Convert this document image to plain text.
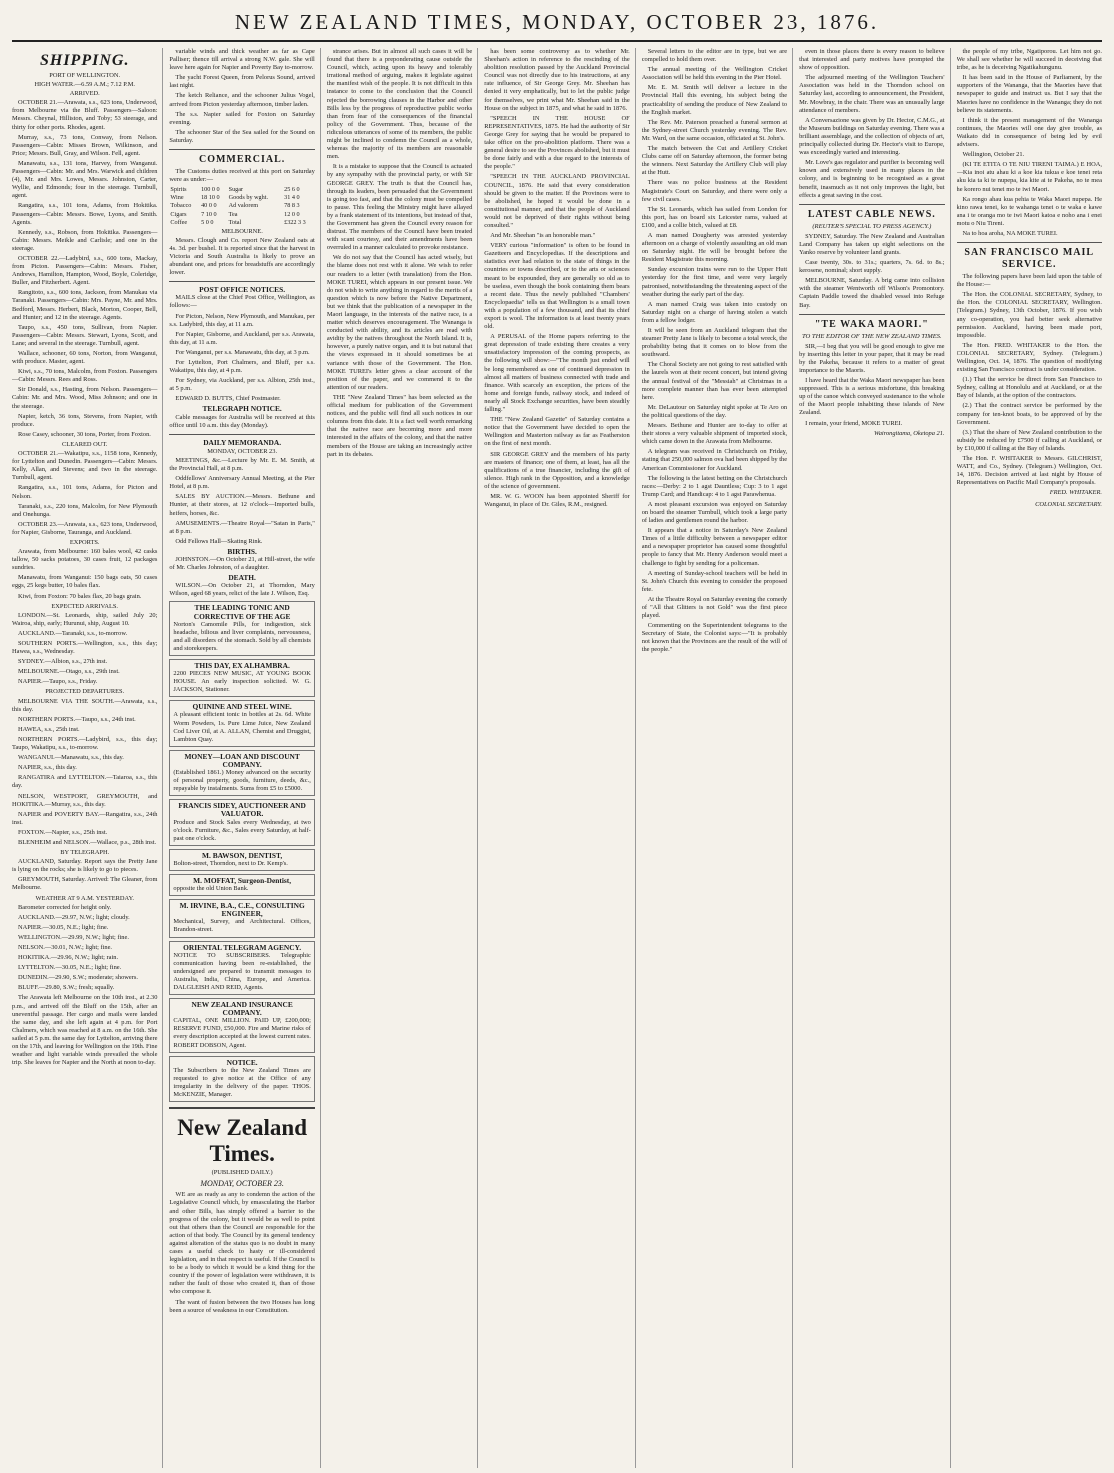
NEW ZEALAND TIMES, MONDAY, OCTOBER 23, 1876.
SHIPPING.
PORT OF WELLINGTON.
HIGH WATER.—6.59 A.M.; 7.12 P.M.
ARRIVED.

OCTOBER 21.—Arawata, s.s., 623 tons, Underwood, from Melbourne via the Bluff. Passengers—Saloon: Messrs. Cheynal, Hilliston, and Toby; 53 steerage, and thirty for other ports. Rhodes, agent.

Murray, s.s., 73 tons, Conway, from Nelson. Passengers—Cabin: Misses Brown, Wilkinson, and Price; Messrs. Bull, Gray, and Wilson. Fell, agent.

Manawatu, s.s., 131 tons, Harvey, from Wanganui. Passengers—Cabin: Mr. and Mrs. Warwick and children (4), Mr. and Mrs. Lowes, Messrs. Johnston, Carter, Wyllie, and Edmonds; four in the steerage. Turnbull, agent.

Rangatira, s.s., 101 tons, Adams, from Hokitika. Passengers—Cabin: Messrs. Bowe, Lyons, and Smith. Agents.

Kennedy, s.s., Robson, from Hokitika. Passengers—Cabin: Messrs. Meikle and Carlisle; and one in the steerage.

OCTOBER 22.—Ladybird, s.s., 600 tons, Mackay, from Picton. Passengers—Cabin: Messrs. Fisher, Andrews, Hamilton, Hampton, Wood, Boyle, Coleridge, Buller, and Fitzherbert. Agent.

Rangitoto, s.s., 600 tons, Jackson, from Manukau via Taranaki. Passengers—Cabin: Mrs. Payne, Mr. and Mrs. Bedford, Messrs. Herbert, Black, Morton, Cooper, Bell, and Hunter; and 12 in the steerage. Agents.

Taupo, s.s., 450 tons, Sullivan, from Napier. Passengers—Cabin: Messrs. Stewart, Lyons, Scott, and Lane; and several in the steerage. Turnbull, agent.

Wallace, schooner, 60 tons, Norton, from Wanganui, with produce. Master, agent.

Kiwi, s.s., 70 tons, Malcolm, from Foxton. Passengers—Cabin: Messrs. Rees and Ross.

Sir Donald, s.s., Hasting, from Nelson. Passengers—Cabin: Mr. and Mrs. Wood, Miss Johnson; and one in the steerage.

Napier, ketch, 36 tons, Stevens, from Napier, with produce.

Rose Casey, schooner, 30 tons, Porter, from Foxton.

CLEARED OUT.

OCTOBER 21.—Wakatipu, s.s., 1158 tons, Kennedy, for Lyttelton and Dunedin. Passengers—Cabin: Messrs. Kelly, Allan, and Stevens; and two in the steerage. Turnbull, agent.

Rangatira, s.s., 101 tons, Adams, for Picton and Nelson.

Taranaki, s.s., 220 tons, Malcolm, for New Plymouth and Onehunga.

OCTOBER 23.—Arawata, s.s., 623 tons, Underwood, for Napier, Gisborne, Tauranga, and Auckland.

EXPORTS.

Arawata, from Melbourne: 160 bales wool, 42 casks tallow, 50 sacks potatoes, 30 cases fruit, 12 packages sundries.

Manawatu, from Wanganui: 150 bags oats, 50 cases eggs, 25 kegs butter, 10 bales flax.

Kiwi, from Foxton: 70 bales flax, 20 bags grain.

EXPECTED ARRIVALS.

LONDON.—St. Leonards, ship, sailed July 20; Wairoa, ship, early; Hurunui, ship, August 10.

AUCKLAND.—Taranaki, s.s., to-morrow.

SOUTHERN PORTS.—Wellington, s.s., this day; Hawea, s.s., Wednesday.

SYDNEY.—Albion, s.s., 27th inst.

MELBOURNE.—Otago, s.s., 29th inst.

NAPIER.—Taupo, s.s., Friday.

PROJECTED DEPARTURES.

MELBOURNE VIA THE SOUTH.—Arawata, s.s., this day.

NORTHERN PORTS.—Taupo, s.s., 24th inst.

HAWEA, s.s., 25th inst.

NORTHERN PORTS.—Ladybird, s.s., this day; Taupo, Wakatipu, s.s., to-morrow.

WANGANUI.—Manawatu, s.s., this day.

NAPIER, s.s., this day.

RANGATIRA and LYTTELTON.—Taiaroa, s.s., this day.

NELSON, WESTPORT, GREYMOUTH, and HOKITIKA.—Murray, s.s., this day.

NAPIER and POVERTY BAY.—Rangatira, s.s., 24th inst.

FOXTON.—Napier, s.s., 25th inst.

BLENHEIM and NELSON.—Wallace, p.s., 28th inst.

BY TELEGRAPH.

AUCKLAND, Saturday. Report says the Pretty Jane is lying on the rocks; she is likely to go to pieces.

GREYMOUTH, Saturday. Arrived: The Gleaner, from Melbourne.

WEATHER AT 9 A.M. YESTERDAY.

Barometer corrected for height only.

AUCKLAND.—29.97, N.W.; light; cloudy.

NAPIER.—30.05, N.E.; light; fine.

WELLINGTON.—29.99, N.W.; light; fine.

NELSON.—30.01, N.W.; light; fine.

HOKITIKA.—29.96, N.W.; light; rain.

LYTTELTON.—30.05, N.E.; light; fine.

DUNEDIN.—29.90, S.W.; moderate; showers.

BLUFF.—29.80, S.W.; fresh; squally.

The Arawata left Melbourne on the 10th inst., at 2.30 p.m., and arrived off the Bluff on the 15th, after an uneventful passage. Her cargo and mails were landed the same day, and she left again at 4 p.m. for Port Chalmers, which was reached at 8 a.m. on the 16th. She sailed at 5 p.m. the same day for Lyttelton, arriving there on the 17th, and leaving for Wellington on the 19th. Fine weather and light variable winds prevailed the whole trip. She leaves for Napier and the North at noon to-day.

variable winds and thick weather as far as Cape Palliser; thence till arrival a strong N.W. gale. She will leave here again for Napier and Poverty Bay to-morrow.

The yacht Forest Queen, from Pelorus Sound, arrived last night.

The ketch Reliance, and the schooner Julius Vogel, arrived from Picton yesterday afternoon, timber laden.

The s.s. Napier sailed for Foxton on Saturday evening.

The schooner Star of the Sea sailed for the Sound on Saturday.

COMMERCIAL.

The Customs duties received at this port on Saturday were as under:—

Spirits	100 0 0	Sugar	25 6 0
Wine	18 10 0	Goods by wght.	31 4 0
Tobacco	40 0 0	Ad valorem	78 8 3
Cigars	7 10 0	Tea	12 0 0
Coffee	5 0 0	Total	£322 3 3
MELBOURNE.

Messrs. Clough and Co. report New Zealand oats at 4s. 3d. per bushel. It is reported since that the harvest in Victoria and South Australia is likely to prove an abundant one, and prices for breadstuffs are accordingly lower.

POST OFFICE NOTICES.

MAILS close at the Chief Post Office, Wellington, as follows:—

For Picton, Nelson, New Plymouth, and Manukau, per s.s. Ladybird, this day, at 11 a.m.

For Napier, Gisborne, and Auckland, per s.s. Arawata, this day, at 11 a.m.

For Wanganui, per s.s. Manawatu, this day, at 3 p.m.

For Lyttelton, Port Chalmers, and Bluff, per s.s. Wakatipu, this day, at 4 p.m.

For Sydney, via Auckland, per s.s. Albion, 25th inst., at 5 p.m.

EDWARD D. BUTTS, Chief Postmaster.

TELEGRAPH NOTICE.

Cable messages for Australia will be received at this office until 10 a.m. this day (Monday).

DAILY MEMORANDA.
MONDAY, OCTOBER 23.

MEETINGS, &c.—Lecture by Mr. E. M. Smith, at the Provincial Hall, at 8 p.m.

Oddfellows' Anniversary Annual Meeting, at the Pier Hotel, at 8 p.m.

SALES BY AUCTION.—Messrs. Bethune and Hunter, at their stores, at 12 o'clock—Imported bulls, heifers, horses, &c.

AMUSEMENTS.—Theatre Royal—"Satan in Paris," at 8 p.m.

Odd Fellows Hall—Skating Rink.

BIRTHS.

JOHNSTON.—On October 21, at Hill-street, the wife of Mr. Charles Johnston, of a daughter.

DEATH.

WILSON.—On October 21, at Thorndon, Mary Wilson, aged 68 years, relict of the late J. Wilson, Esq.

THE LEADING TONIC AND CORRECTIVE OF THE AGE
Norton's Camomile Pills, for indigestion, sick headache, bilious and liver complaints, nervousness, and all disorders of the stomach. Sold by all chemists and storekeepers.
THIS DAY, EX ALHAMBRA.
2200 PIECES NEW MUSIC, AT YOUNG BOOK HOUSE. An early inspection solicited. W. G. JACKSON, Stationer.
QUININE AND STEEL WINE.
A pleasant efficient tonic in bottles at 2s. 6d. White Worm Powders, 1s. Pure Lime Juice, New Zealand Cod Liver Oil, at A. ALLAN, Chemist and Druggist, Lambton Quay.
MONEY—LOAN AND DISCOUNT COMPANY.
(Established 1861.) Money advanced on the security of personal property, goods, furniture, deeds, &c., repayable by instalments. Sums from £5 to £5000.
FRANCIS SIDEY, AUCTIONEER AND VALUATOR.
Produce and Stock Sales every Wednesday, at two o'clock. Furniture, &c., Sales every Saturday, at half-past one o'clock.
M. BAWSON, DENTIST,
Bolton-street, Thorndon, next to Dr. Kemp's.
M. MOFFAT, Surgeon-Dentist,
opposite the old Union Bank.
M. IRVINE, B.A., C.E., CONSULTING ENGINEER,
Mechanical, Survey, and Architectural. Offices, Brandon-street.
ORIENTAL TELEGRAM AGENCY.
NOTICE TO SUBSCRIBERS. Telegraphic communication having been re-established, the undersigned are prepared to transmit messages to Australia, India, China, Europe, and America. DALGLEISH AND REID, Agents.
NEW ZEALAND INSURANCE COMPANY.
CAPITAL, ONE MILLION. PAID UP, £200,000; RESERVE FUND, £50,000. Fire and Marine risks of every description accepted at the lowest current rates. ROBERT DOBSON, Agent.
NOTICE.
The Subscribers to the New Zealand Times are requested to give notice at the Office of any irregularity in the delivery of the paper. THOS. McKENZIE, Manager.
New Zealand Times.
(PUBLISHED DAILY.)
MONDAY, OCTOBER 23.

WE are as ready as any to condemn the action of the Legislative Council which, by emasculating the Harbor and other Bills, has simply offered a barrier to the progress of the colony, but it would be as well to point out that others than the Council are responsible for the action of that body. The Council by its general tendency against alteration of the status quo is no doubt in many cases a useful check to hasty or ill-considered legislation, and in that respect is useful. If the Council is to be a body to which it would be a kind thing for the country if the power of legislation were withdrawn, it is rather the fault of those who created it, than of those who compose it.

The want of fusion between the two Houses has long been a source of weakness in our Constitution.

strance arises. But in almost all such cases it will be found that there is a preponderating cause outside the Council, which, acting upon its heavy and tolerably irrational method of arguing, makes it legislate against the manifest wish of the people. It is not difficult in this instance to come to the conclusion that the Council rejected the borrowing clauses in the Harbor and other Bills less by the progress of reproductive public works than from fear of the consequences of the financial policy of the Government. Thus, because of the ridiculous utterances of some of its members, the public might be inclined to condemn the Council as a whole, whereas the majority of its members are reasonable men.

It is a mistake to suppose that the Council is actuated by any sympathy with the provincial party, or with Sir GEORGE GREY. The truth is that the Council has, through its leaders, been persuaded that the Government is going too fast, and that the colony must be compelled to pause. This feeling the Ministry might have allayed by a frank statement of its intentions, but instead of that, the Government has given the Council every reason for distrust. The members of the Council have been treated with scant courtesy, and their amendments have been overruled in a manner calculated to provoke resistance.

We do not say that the Council has acted wisely, but the blame does not rest with it alone. We wish to refer our readers to a letter (with translation) from the Hon. MOKE TUREI, which appears in our present issue. We do not wish to write anything in regard to the merits of a question which is now before the Native Department, but we think that the publication of a newspaper in the Maori language, in the interests of the native race, is a matter which deserves encouragement. The Wananga is conducted with ability, and its articles are read with avidity by the natives throughout the North Island. It is, however, a purely native organ, and it is but natural that the views expressed in it should sometimes be at variance with those of the Government. The Hon. MOKE TUREI's letter gives a clear account of the position of the paper, and we commend it to the attention of our readers.

THE "New Zealand Times" has been selected as the official medium for publication of the Government notices, and the public will find all such notices in our columns from this date. It is a fact well worth remarking that the native race are becoming more and more interested in the affairs of the colony, and that the native members of the House are taking an increasingly active part in its debates.

has been some controversy as to whether Mr. Sheehan's action in reference to the rescinding of the abolition resolution passed by the Auckland Provincial Council was not directly due to his instructions, at any rate influence, of Sir George Grey. Mr. Sheehan has denied it very emphatically, but to let the public judge for themselves, we print what Mr. Sheehan said in the House on the subject in 1875, and what he said in 1876.

"SPEECH IN THE HOUSE OF REPRESENTATIVES, 1875. He had the authority of Sir George Grey for saying that he would be prepared to take office on the pro-abolition platform. There was a general desire to see the Provinces abolished, but it must be done fairly and with a due regard to the interests of the people."

"SPEECH IN THE AUCKLAND PROVINCIAL COUNCIL, 1876. He said that every consideration should be given to the matter. If the Provinces were to be abolished, he hoped it would be done in a constitutional manner, and that the people of Auckland would not be deprived of their rights without being consulted."

And Mr. Sheehan "is an honorable man."

VERY curious "information" is often to be found in Gazetteers and Encyclopedias. If the descriptions and statistics ever had relation to the state of things in the countries or towns described, or to the arts or sciences meant to be expounded, they are generally so old as to be useless, even though the book containing them bears a recent date. Thus the newly published "Chambers' Encyclopaedia" tells us that Wellington is a small town with a population of a few thousand, and that its chief export is wool. The information is at least twenty years old.

A PERUSAL of the Home papers referring to the great depression of trade existing there creates a very unsatisfactory impression of the coming prospects, as the following will show:—"The month just ended will be long remembered as one of continued depression in almost all matters of business connected with trade and finance. With scarcely an exception, the prices of the home and foreign funds, railway stock, and indeed of nearly all Stock Exchange securities, have been steadily falling."

THE "New Zealand Gazette" of Saturday contains a notice that the Government have decided to open the Wellington and Masterton railway as far as Featherston on the first of next month.

SIR GEORGE GREY and the members of his party are masters of finance; one of them, at least, has all the qualifications of a true financier, including the gift of silence. High rank in the Opposition, and a knowledge of the science of government.

MR. W. G. WOON has been appointed Sheriff for Wanganui, in place of Dr. Giles, R.M., resigned.

Several letters to the editor are in type, but we are compelled to hold them over.

The annual meeting of the Wellington Cricket Association will be held this evening in the Pier Hotel.

Mr. E. M. Smith will deliver a lecture in the Provincial Hall this evening, his subject being the practicability of sending the produce of New Zealand to the English market.

The Rev. Mr. Paterson preached a funeral sermon at the Sydney-street Church yesterday evening. The Rev. Mr. Ward, on the same occasion, officiated at St. John's.

The match between the Cut and Artillery Cricket Clubs came off on Saturday afternoon, the former being the winners. Next Saturday the Artillery Club will play at the Hutt.

There was no police business at the Resident Magistrate's Court on Saturday, and there were only a few civil cases.

The St. Leonards, which has sailed from London for this port, has on board six Leicester rams, valued at £100, and a collie bitch, valued at £8.

A man named Dougherty was arrested yesterday afternoon on a charge of violently assaulting an old man on Saturday night. He will be brought before the Resident Magistrate this morning.

Sunday excursion trains were run to the Upper Hutt yesterday for the first time, and were very largely patronised, notwithstanding the threatening aspect of the weather during the early part of the day.

A man named Craig was taken into custody on Saturday night on a charge of having stolen a watch from a fellow lodger.

It will be seen from an Auckland telegram that the steamer Pretty Jane is likely to become a total wreck, the probability being that it comes on to blow from the southward.

The Choral Society are not going to rest satisfied with the laurels won at their recent concert, but intend giving the annual festival of the "Messiah" at Christmas in a more complete manner than has ever been attempted here.

Mr. DeLautour on Saturday night spoke at Te Aro on the political questions of the day.

Messrs. Bethune and Hunter are to-day to offer at their stores a very valuable shipment of imported stock, which came down in the Arawata from Melbourne.

A telegram was received in Christchurch on Friday, stating that 250,000 salmon ova had been shipped by the American Commissioner for Auckland.

The following is the latest betting on the Christchurch races:—Derby: 2 to 1 agst Dauntless; Cup: 3 to 1 agst Trump Card; and Handicap: 4 to 1 agst Parawhenua.

A most pleasant excursion was enjoyed on Saturday on board the steamer Turnbull, which took a large party of ladies and gentlemen round the harbor.

It appears that a notice in Saturday's New Zealand Times of a little difficulty between a newspaper editor and a newspaper proprietor has caused some thoughtful people to fancy that Mr. Henry Anderson would meet a challenge to fight by sending for a policeman.

A meeting of Sunday-school teachers will be held in St. John's Church this evening to consider the proposed fete.

At the Theatre Royal on Saturday evening the comedy of "All that Glitters is not Gold" was the first piece played.

Commenting on the Superintendent telegrams to the Secretary of State, the Colonist says:—"It is probably not known that the Provinces are the result of the will of the people."

even in those places there is every reason to believe that interested and party motives have prompted the show of opposition.

The adjourned meeting of the Wellington Teachers' Association was held in the Thorndon school on Saturday last, according to announcement, the President, Mr. Mowbray, in the chair. There was an unusually large attendance of members.

A Conversazione was given by Dr. Hector, C.M.G., at the Museum buildings on Saturday evening. There was a brilliant assemblage, and the collection of objects of art, principally collected during Dr. Hector's visit to Europe, was exceedingly varied and interesting.

Mr. Love's gas regulator and purifier is becoming well known and extensively used in many places in the colony, and is beginning to be recognised as a great benefit, inasmuch as it not only improves the light, but effects a great saving in the cost.

LATEST CABLE NEWS.
(REUTER'S SPECIAL TO PRESS AGENCY.)

SYDNEY, Saturday. The New Zealand and Australian Land Company has taken up eight selections on the Yanko reserve by volunteer land grants.

Case twenty, 30s. to 31s.; quarters, 7s. 6d. to 8s.; kerosene, nominal; short supply.

MELBOURNE, Saturday. A brig came into collision with the steamer Wentworth off Wilson's Promontory. Captain Paddle towed the disabled vessel into Refuge Bay.

"TE WAKA MAORI."
TO THE EDITOR OF THE NEW ZEALAND TIMES.

SIR,—I beg that you will be good enough to give me by inserting this letter in your paper, that it may be read by the Pakeha, because it refers to a matter of great importance to the Maoris.

I have heard that the Waka Maori newspaper has been suppressed. This is a serious misfortune, this breaking up of the canoe which conveyed sustenance to the whole of the Maori people inhabiting these islands of New Zealand.

I remain, your friend, MOKE TUREI.

Wairongitama, Oketopa 21.

the people of my tribe, Ngatiporou. Let him not go. We shall see whether he will succeed in deceiving that tribe, as he is deceiving Ngatikahungunu.

It has been said in the House of Parliament, by the supporters of the Wananga, that the Maories have that newspaper to guide and instruct us. But I say that the Maories have no confidence in the Wananga; they do not believe its statements.

I think it the present management of the Wananga continues, the Maories will one day give trouble, as Waikato did in consequence of being led by evil advisers.

Wellington, October 21.

(KI TE ETITA O TE NIU TIRENI TAIMA.) E HOA,—Kia inoi atu ahau ki a koe kia tukua e koe tenei reta aku kia ta ki te nupepa, kia kite ai te Pakeha, no te mea he korero nui tenei mo te iwi Maori.

Ka rongo ahau kua pehia te Waka Maori nupepa. He kino rawa tenei, ko te wahanga tenei o te waka e kawe ana i te oranga mo te iwi Maori katoa e noho ana i enei motu o Niu Tireni.

Na to hoa aroha, NA MOKE TUREI.

SAN FRANCISCO MAIL SERVICE.

The following papers have been laid upon the table of the House:—

The Hon. the COLONIAL SECRETARY, Sydney, to the Hon. the COLONIAL SECRETARY, Wellington. (Telegram.) Sydney, 13th October, 1876. If you wish any co-operation, you had better seek alternative permission. Auckland, having been made port, impossible.

The Hon. FRED. WHITAKER to the Hon. the COLONIAL SECRETARY, Sydney. (Telegram.) Wellington, Oct. 14, 1876. The question of modifying existing San Francisco contract is under consideration.

(1.) That the service be direct from San Francisco to Sydney, calling at Honolulu and at Auckland, or at the Bay of Islands, at the option of the contractors.

(2.) That the contract service be performed by the company for ten-knot boats, to be approved of by the Government.

(3.) That the share of New Zealand contribution to the subsidy be reduced by £7500 if calling at Auckland, or by £10,000 if calling at the Bay of Islands.

The Hon. F. WHITAKER to Messrs. GILCHRIST, WATT, and Co., Sydney. (Telegram.) Wellington, Oct. 14, 1876. Decision arrived at last night by House of Representatives on Pacific Mail Company's proposals.

FRED. WHITAKER.
COLONIAL SECRETARY.
